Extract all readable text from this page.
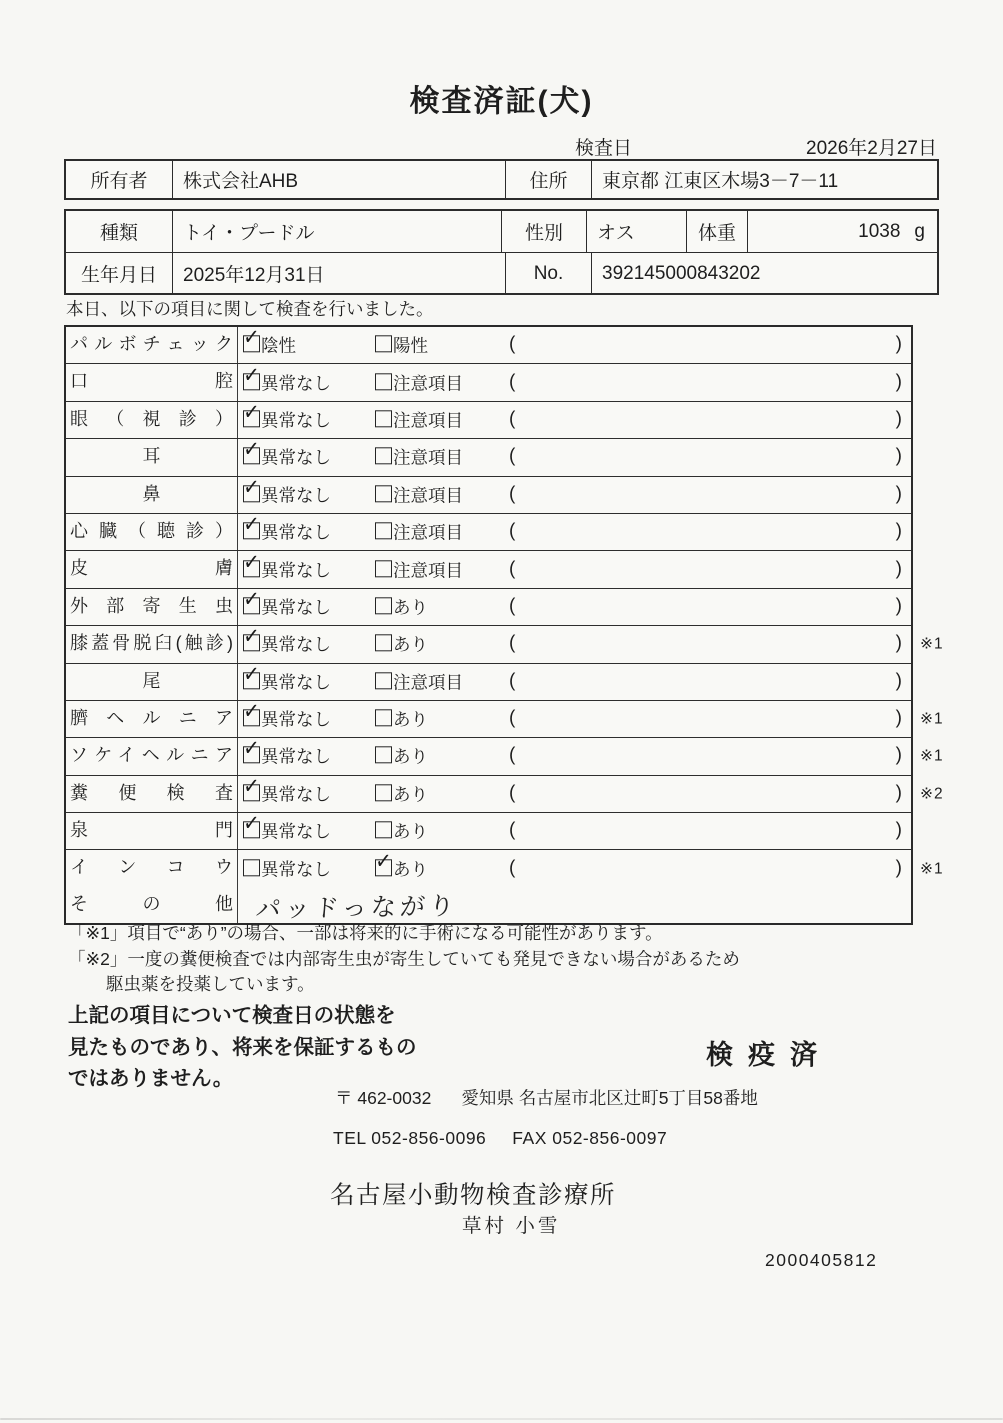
検査済証(犬)
検査日	2026年2月27日
所有者	株式会社AHB	住所	東京都 江東区木場3－7－11
種類	トイ・プードル	性別	オス	体重	1038 g
生年月日	2025年12月31日	No.	392145000843202
本日、以下の項目に関して検査を行いました。
パルボチェック ✓ 陰性	陽性	(	)
口腔 ✓ 異常なし	注意項目 (	)
眼（視診） ✓ 異常なし	注意項目 (	)
耳 ✓	異常なし	注意項目 (	)
鼻 ✓	異常なし	注意項目 (	)
心臓（聴診） ✓ 異常なし	注意項目 (	)
皮膚 ✓ 異常なし	注意項目 (	)
外部寄生虫 ✓ 異常なし	あり	(	)
膝蓋骨脱臼(触診) ✓ 異常なし	あり	(	) ※1
尾 ✓	異常なし	注意項目 (	)
臍ヘルニア ✓ 異常なし	あり	(	) ※1
ソケイヘルニア ✓ 異常なし	あり	(	) ※1
糞便検査 ✓ 異常なし	あり	(	) ※2
泉門 ✓ 異常なし	あり	(	)
インコウ 異常なし ✓	あり	(	) ※1
その他 パッドっながり
「※1」項目で“あり”の場合、一部は将来的に手術になる可能性があります。
「※2」一度の糞便検査では内部寄生虫が寄生していても発見できない場合があるため
駆虫薬を投薬しています。
上記の項目について検査日の状態を
見たものであり、将来を保証するもの
ではありません。
検疫済
〒 462-0032 愛知県 名古屋市北区辻町5丁目58番地
TEL 052-856-0096 FAX 052-856-0097
名古屋小動物検査診療所
草村 小雪
2000405812
